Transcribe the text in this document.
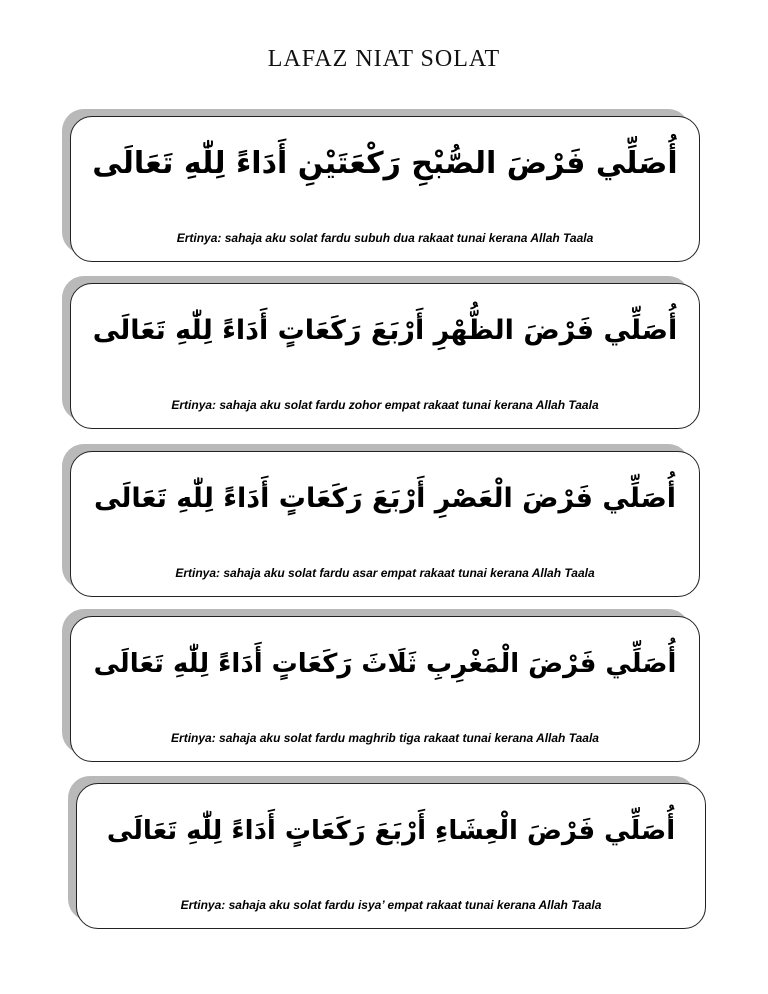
LAFAZ NIAT SOLAT
أُصَلِّي فَرْضَ الصُّبْحِ رَكْعَتَيْنِ أَدَاءً لِلّٰهِ تَعَالَى
Ertinya: sahaja aku solat fardu subuh dua rakaat tunai kerana Allah Taala
أُصَلِّي فَرْضَ الظُّهْرِ أَرْبَعَ رَكَعَاتٍ أَدَاءً لِلّٰهِ تَعَالَى
Ertinya: sahaja aku solat fardu zohor empat rakaat tunai kerana Allah Taala
أُصَلِّي فَرْضَ الْعَصْرِ أَرْبَعَ رَكَعَاتٍ أَدَاءً لِلّٰهِ تَعَالَى
Ertinya: sahaja aku solat fardu asar empat rakaat tunai kerana Allah Taala
أُصَلِّي فَرْضَ الْمَغْرِبِ ثَلَاثَ رَكَعَاتٍ أَدَاءً لِلّٰهِ تَعَالَى
Ertinya: sahaja aku solat fardu maghrib tiga rakaat tunai kerana Allah Taala
أُصَلِّي فَرْضَ الْعِشَاءِ أَرْبَعَ رَكَعَاتٍ أَدَاءً لِلّٰهِ تَعَالَى
Ertinya: sahaja aku solat fardu isya’ empat rakaat tunai kerana Allah Taala
